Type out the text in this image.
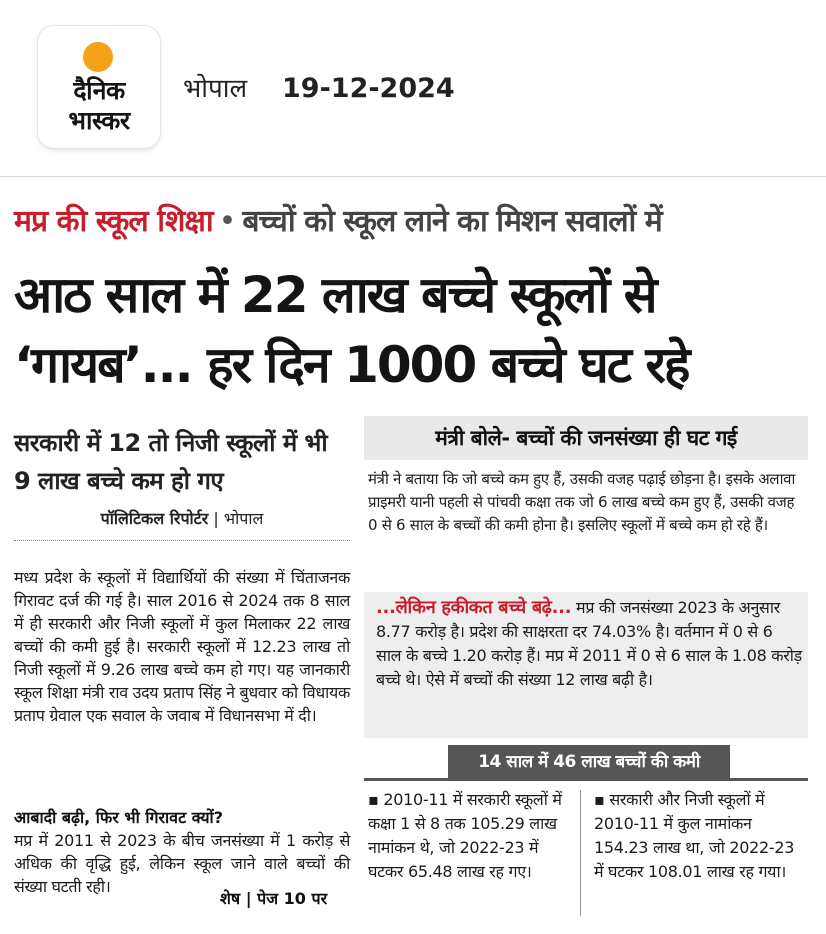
दैनिक
भास्कर
भोपाल 19-12-2024
मप्र की स्कूल शिक्षा • बच्चों को स्कूल लाने का मिशन सवालों में
आठ साल में 22 लाख बच्चे स्कूलों से
‘गायब’... हर दिन 1000 बच्चे घट रहे
सरकारी में 12 तो निजी स्कूलों में भी 9 लाख बच्चे कम हो गए
पॉलिटिकल रिपोर्टर | भोपाल
मध्य प्रदेश के स्कूलों में विद्यार्थियों की संख्या में चिंताजनक गिरावट दर्ज की गई है। साल 2016 से 2024 तक 8 साल में ही सरकारी और निजी स्कूलों में कुल मिलाकर 22 लाख बच्चों की कमी हुई है। सरकारी स्कूलों में 12.23 लाख तो निजी स्कूलों में 9.26 लाख बच्चे कम हो गए। यह जानकारी स्कूल शिक्षा मंत्री राव उदय प्रताप सिंह ने बुधवार को विधायक प्रताप ग्रेवाल एक सवाल के जवाब में विधानसभा में दी।
आबादी बढ़ी, फिर भी गिरावट क्यों?
मप्र में 2011 से 2023 के बीच जनसंख्या में 1 करोड़ से अधिक की वृद्धि हुई, लेकिन स्कूल जाने वाले बच्चों की संख्या घटती रही।
शेष | पेज 10 पर
मंत्री बोले- बच्चों की जनसंख्या ही घट गई
मंत्री ने बताया कि जो बच्चे कम हुए हैं, उसकी वजह पढ़ाई छोड़ना है। इसके अलावा प्राइमरी यानी पहली से पांचवी कक्षा तक जो 6 लाख बच्चे कम हुए हैं, उसकी वजह 0 से 6 साल के बच्चों की कमी होना है। इसलिए स्कूलों में बच्चे कम हो रहे हैं।
...लेकिन हकीकत बच्चे बढ़े... मप्र की जनसंख्या 2023 के अनुसार 8.77 करोड़ है। प्रदेश की साक्षरता दर 74.03% है। वर्तमान में 0 से 6 साल के बच्चे 1.20 करोड़ हैं। मप्र में 2011 में 0 से 6 साल के 1.08 करोड़ बच्चे थे। ऐसे में बच्चों की संख्या 12 लाख बढ़ी है।
14 साल में 46 लाख बच्चों की कमी
▪ 2010-11 में सरकारी स्कूलों में कक्षा 1 से 8 तक 105.29 लाख नामांकन थे, जो 2022-23 में घटकर 65.48 लाख रह गए।
▪ सरकारी और निजी स्कूलों में 2010-11 में कुल नामांकन 154.23 लाख था, जो 2022-23 में घटकर 108.01 लाख रह गया।
